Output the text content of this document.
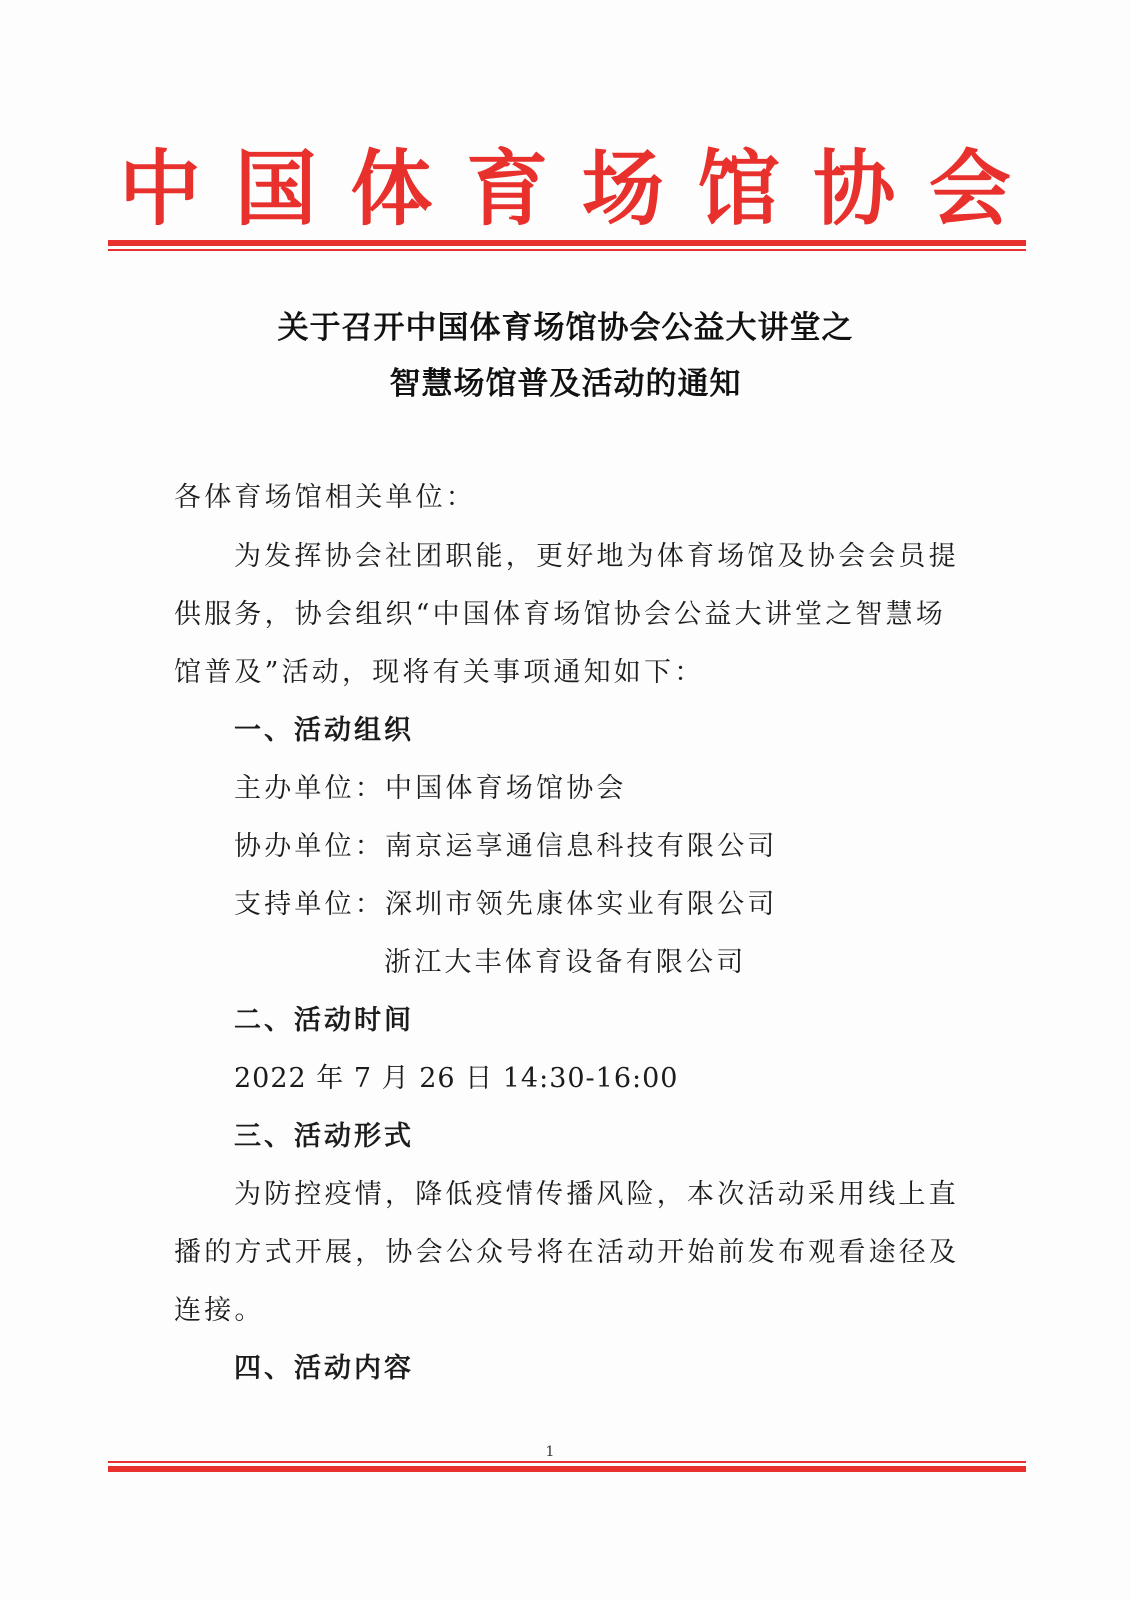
中 国 体 育 场 馆 协 会
关于召开中国体育场馆协会公益大讲堂之
智慧场馆普及活动的通知
各体育场馆相关单位：
为发挥协会社团职能，更好地为体育场馆及协会会员提
供服务，协会组织“中国体育场馆协会公益大讲堂之智慧场
馆普及”活动，现将有关事项通知如下：
一、活动组织
主办单位：中国体育场馆协会
协办单位：南京运享通信息科技有限公司
支持单位：深圳市领先康体实业有限公司
浙江大丰体育设备有限公司
二、活动时间
2022 年 7 月 26 日 14:30-16:00
三、活动形式
为防控疫情，降低疫情传播风险，本次活动采用线上直
播的方式开展，协会公众号将在活动开始前发布观看途径及
连接。
四、活动内容
1
